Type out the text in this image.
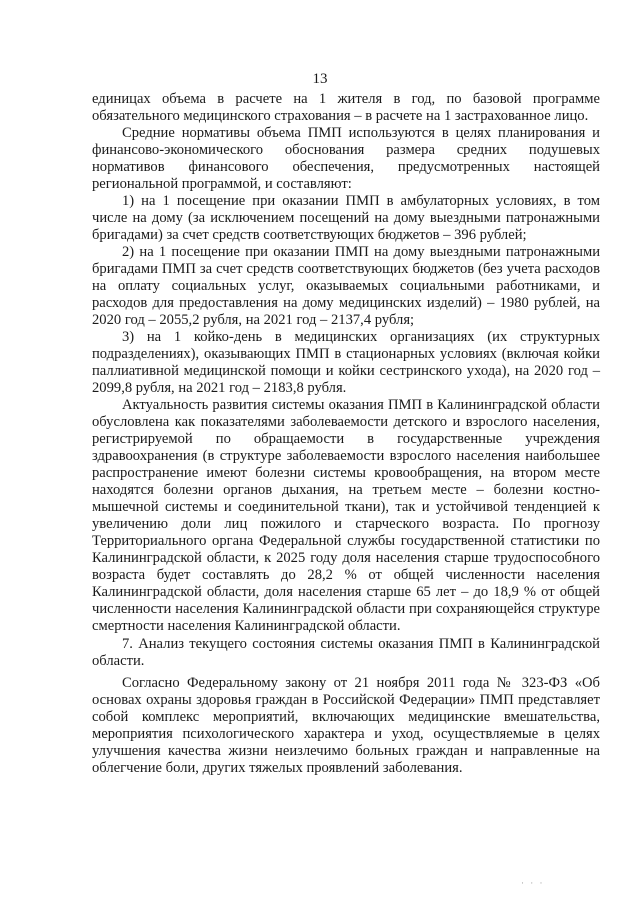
13

единицах объема в расчете на 1 жителя в год, по базовой программе обязательного медицинского страхования – в расчете на 1 застрахованное лицо.

Средние нормативы объема ПМП используются в целях планирования и финансово-экономического обоснования размера средних подушевых нормативов финансового обеспечения, предусмотренных настоящей региональной программой, и составляют:

1) на 1 посещение при оказании ПМП в амбулаторных условиях, в том числе на дому (за исключением посещений на дому выездными патронажными бригадами) за счет средств соответствующих бюджетов – 396 рублей;

2) на 1 посещение при оказании ПМП на дому выездными патронажными бригадами ПМП за счет средств соответствующих бюджетов (без учета расходов на оплату социальных услуг, оказываемых социальными работниками, и расходов для предоставления на дому медицинских изделий) – 1980 рублей, на 2020 год – 2055,2 рубля, на 2021 год – 2137,4 рубля;

3) на 1 койко-день в медицинских организациях (их структурных подразделениях), оказывающих ПМП в стационарных условиях (включая койки паллиативной медицинской помощи и койки сестринского ухода), на 2020 год – 2099,8 рубля, на 2021 год – 2183,8 рубля.

Актуальность развития системы оказания ПМП в Калининградской области обусловлена как показателями заболеваемости детского и взрослого населения, регистрируемой по обращаемости в государственные учреждения здравоохранения (в структуре заболеваемости взрослого населения наибольшее распространение имеют болезни системы кровообращения, на втором месте находятся болезни органов дыхания, на третьем месте – болезни костно-мышечной системы и соединительной ткани), так и устойчивой тенденцией к увеличению доли лиц пожилого и старческого возраста. По прогнозу Территориального органа Федеральной службы государственной статистики по Калининградской области, к 2025 году доля населения старше трудоспособного возраста будет составлять до 28,2 % от общей численности населения Калининградской области, доля населения старше 65 лет – до 18,9 % от общей численности населения Калининградской области при сохраняющейся структуре смертности населения Калининградской области.

7. Анализ текущего состояния системы оказания ПМП в Калининградской области.

Согласно Федеральному закону от 21 ноября 2011 года № 323-ФЗ «Об основах охраны здоровья граждан в Российской Федерации» ПМП представляет собой комплекс мероприятий, включающих медицинские вмешательства, мероприятия психологического характера и уход, осуществляемые в целях улучшения качества жизни неизлечимо больных граждан и направленные на облегчение боли, других тяжелых проявлений заболевания.

· · ·
